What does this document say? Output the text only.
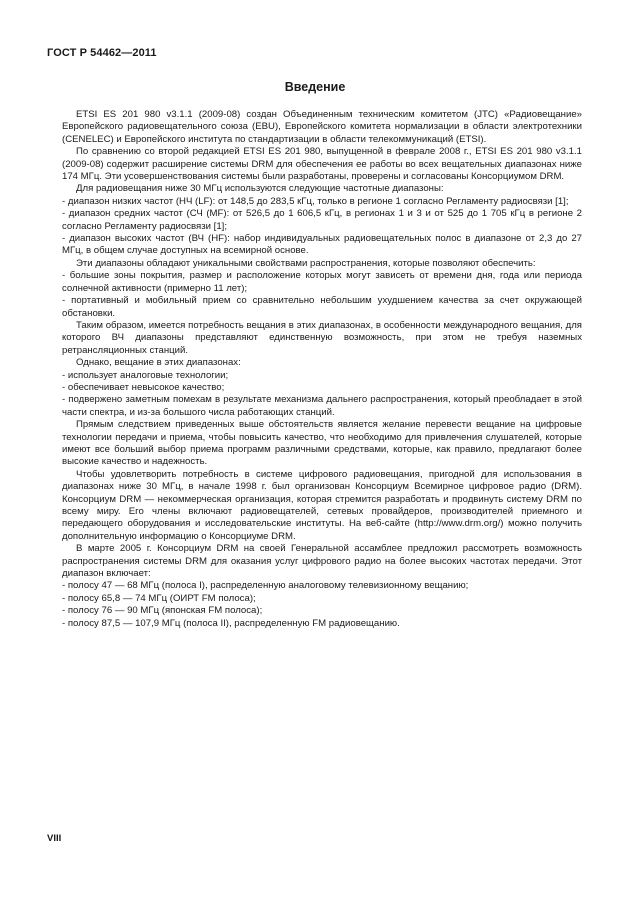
ГОСТ Р 54462—2011
Введение

ETSI ES 201 980 v3.1.1 (2009-08) создан Объединенным техническим комитетом (JTC) «Радиовещание» Европейского радиовещательного союза (EBU), Европейского комитета нормализации в области электротехники (CENELEC) и Европейского института по стандартизации в области телекоммуникаций (ETSI).

По сравнению со второй редакцией ETSI ES 201 980, выпущенной в феврале 2008 г., ETSI ES 201 980 v3.1.1 (2009-08) содержит расширение системы DRM для обеспечения ее работы во всех вещательных диапазонах ниже 174 МГц. Эти усовершенствования системы были разработаны, проверены и согласованы Консорциумом DRM.

Для радиовещания ниже 30 МГц используются следующие частотные диапазоны:

- диапазон низких частот (НЧ (LF): от 148,5 до 283,5 кГц, только в регионе 1 согласно Регламенту радиосвязи [1];

- диапазон средних частот (СЧ (MF): от 526,5 до 1 606,5 кГц, в регионах 1 и 3 и от 525 до 1 705 кГц в регионе 2 согласно Регламенту радиосвязи [1];

- диапазон высоких частот (ВЧ (HF): набор индивидуальных радиовещательных полос в диапазоне от 2,3 до 27 МГц, в общем случае доступных на всемирной основе.

Эти диапазоны обладают уникальными свойствами распространения, которые позволяют обеспечить:

- большие зоны покрытия, размер и расположение которых могут зависеть от времени дня, года или периода солнечной активности (примерно 11 лет);

- портативный и мобильный прием со сравнительно небольшим ухудшением качества за счет окружающей обстановки.

Таким образом, имеется потребность вещания в этих диапазонах, в особенности международного вещания, для которого ВЧ диапазоны представляют единственную возможность, при этом не требуя наземных ретрансляционных станций.

Однако, вещание в этих диапазонах:

- использует аналоговые технологии;

- обеспечивает невысокое качество;

- подвержено заметным помехам в результате механизма дальнего распространения, который преобладает в этой части спектра, и из-за большого числа работающих станций.

Прямым следствием приведенных выше обстоятельств является желание перевести вещание на цифровые технологии передачи и приема, чтобы повысить качество, что необходимо для привлечения слушателей, которые имеют все больший выбор приема программ различными средствами, которые, как правило, предлагают более высокие качество и надежность.

Чтобы удовлетворить потребность в системе цифрового радиовещания, пригодной для использования в диапазонах ниже 30 МГц, в начале 1998 г. был организован Консорциум Всемирное цифровое радио (DRM). Консорциум DRM — некоммерческая организация, которая стремится разработать и продвинуть систему DRM по всему миру. Его члены включают радиовещателей, сетевых провайдеров, производителей приемного и передающего оборудования и исследовательские институты. На веб-сайте (http://www.drm.org/) можно получить дополнительную информацию о Консорциуме DRM.

В марте 2005 г. Консорциум DRM на своей Генеральной ассамблее предложил рассмотреть возможность распространения системы DRM для оказания услуг цифрового радио на более высоких частотах передачи. Этот диапазон включает:

- полосу 47 — 68 МГц (полоса I), распределенную аналоговому телевизионному вещанию;

- полосу 65,8 — 74 МГц (ОИРТ FM полоса);

- полосу 76 — 90 МГц (японская FM полоса);

- полосу 87,5 — 107,9 МГц (полоса II), распределенную FM радиовещанию.

VIII
